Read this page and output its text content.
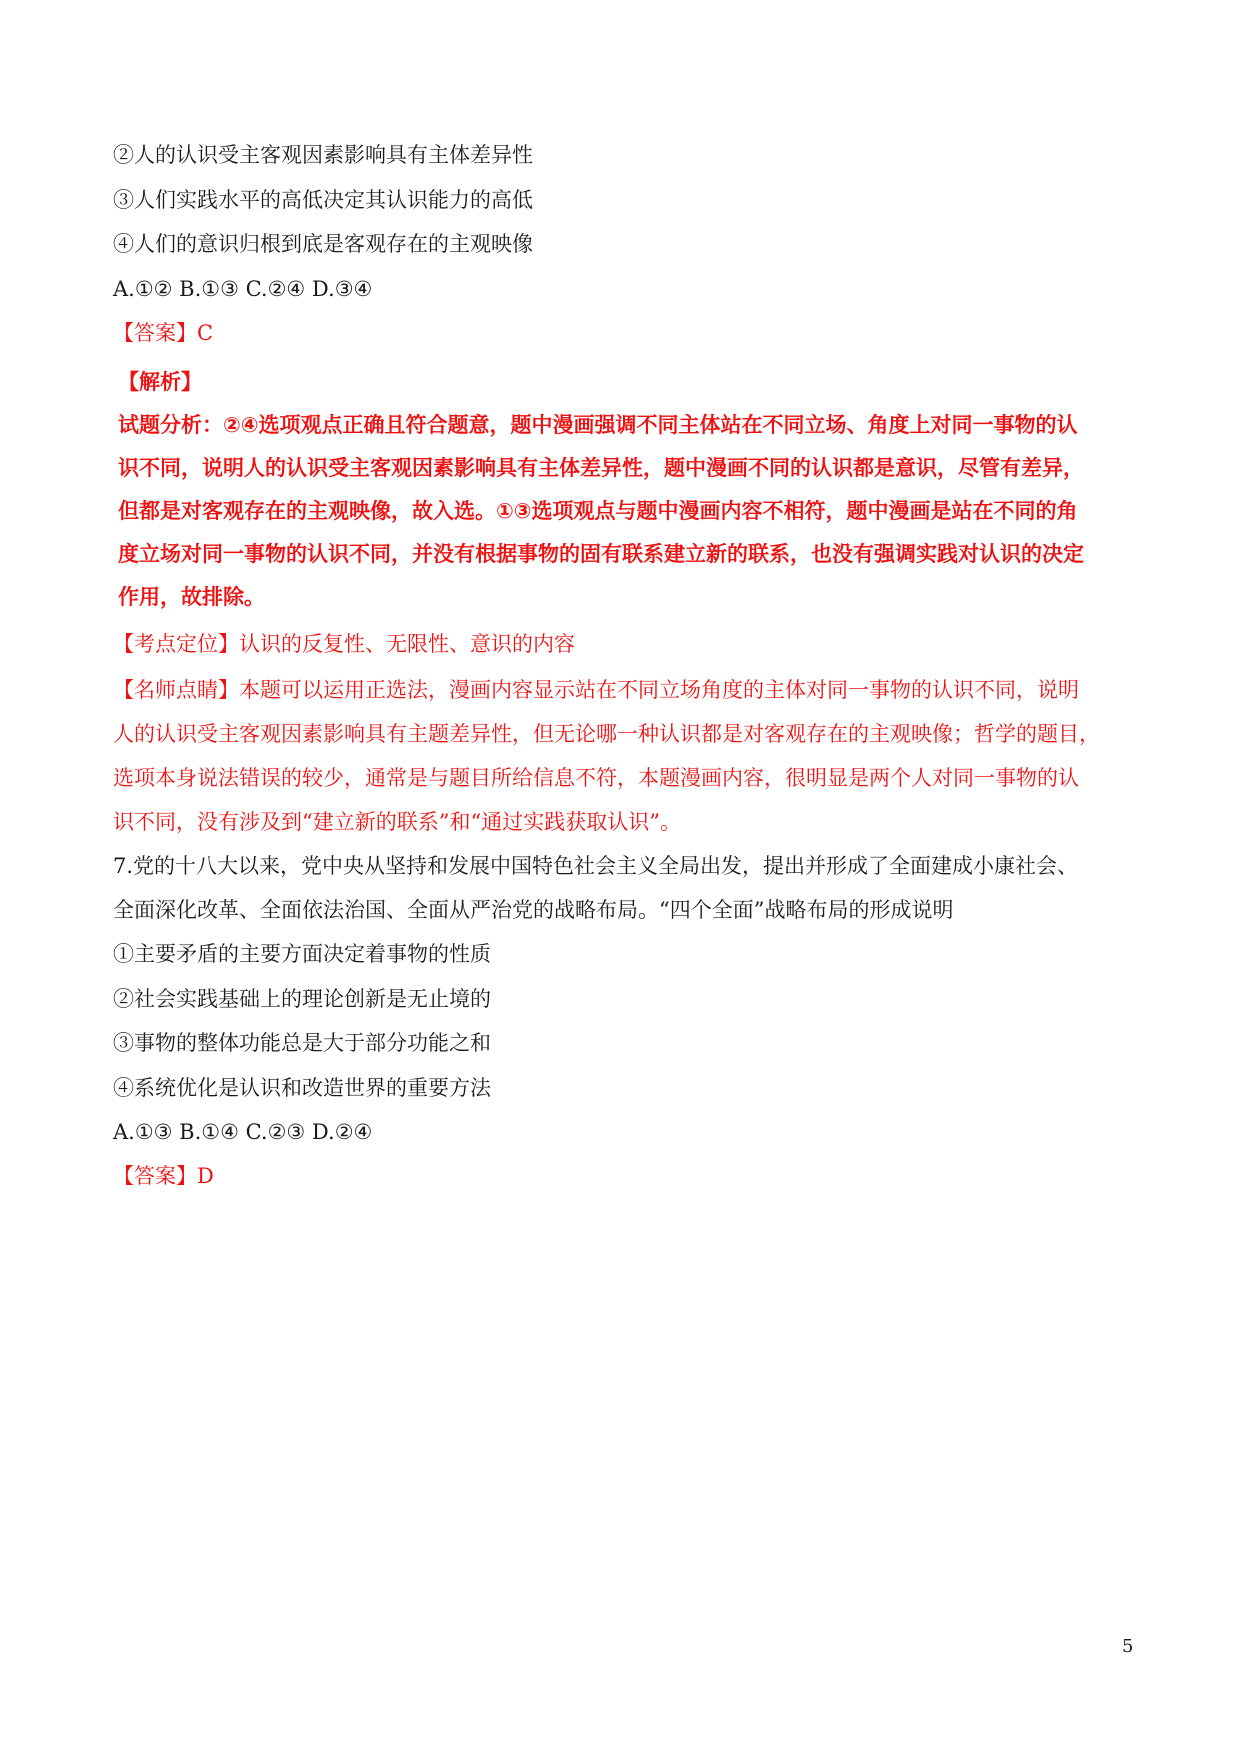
②人的认识受主客观因素影响具有主体差异性
③人们实践水平的高低决定其认识能力的高低
④人们的意识归根到底是客观存在的主观映像
A.①② B.①③ C.②④ D.③④
【答案】C
【解析】
试题分析：②④选项观点正确且符合题意，题中漫画强调不同主体站在不同立场、角度上对同一事物的认
识不同，说明人的认识受主客观因素影响具有主体差异性，题中漫画不同的认识都是意识，尽管有差异，
但都是对客观存在的主观映像，故入选。①③选项观点与题中漫画内容不相符，题中漫画是站在不同的角
度立场对同一事物的认识不同，并没有根据事物的固有联系建立新的联系，也没有强调实践对认识的决定
作用，故排除。
【考点定位】认识的反复性、无限性、意识的内容
【名师点睛】本题可以运用正选法，漫画内容显示站在不同立场角度的主体对同一事物的认识不同，说明
人的认识受主客观因素影响具有主题差异性，但无论哪一种认识都是对客观存在的主观映像；哲学的题目，
选项本身说法错误的较少，通常是与题目所给信息不符，本题漫画内容，很明显是两个人对同一事物的认
识不同，没有涉及到“建立新的联系”和“通过实践获取认识”。
7.党的十八大以来，党中央从坚持和发展中国特色社会主义全局出发，提出并形成了全面建成小康社会、
全面深化改革、全面依法治国、全面从严治党的战略布局。“四个全面”战略布局的形成说明
①主要矛盾的主要方面决定着事物的性质
②社会实践基础上的理论创新是无止境的
③事物的整体功能总是大于部分功能之和
④系统优化是认识和改造世界的重要方法
A.①③ B.①④ C.②③ D.②④
【答案】D
5
